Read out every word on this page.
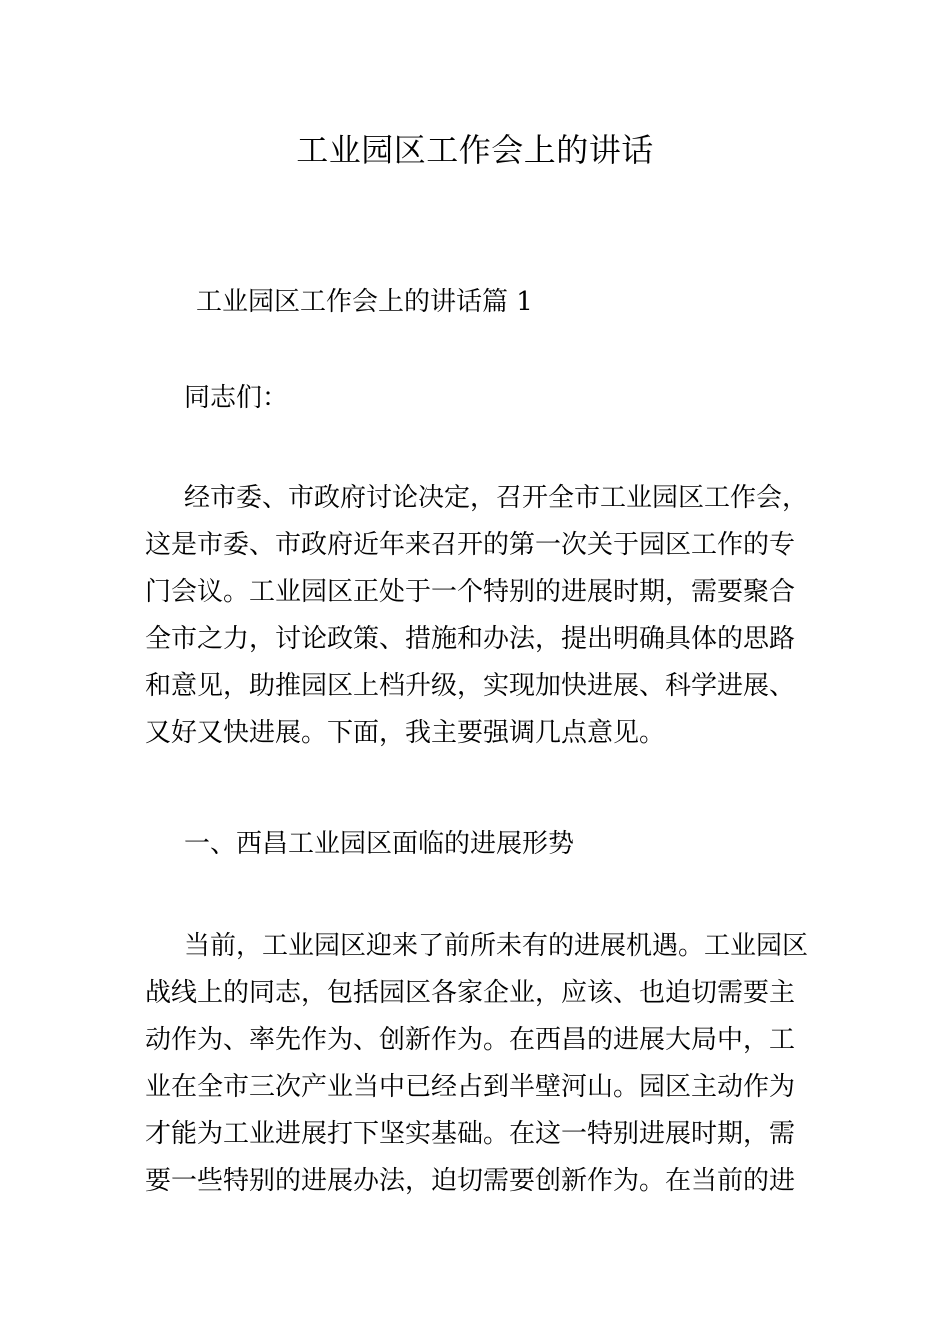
工业园区工作会上的讲话
工业园区工作会上的讲话篇 1
同志们：
经市委、市政府讨论决定，召开全市工业园区工作会，
这是市委、市政府近年来召开的第一次关于园区工作的专
门会议。工业园区正处于一个特别的进展时期，需要聚合
全市之力，讨论政策、措施和办法，提出明确具体的思路
和意见，助推园区上档升级，实现加快进展、科学进展、
又好又快进展。下面，我主要强调几点意见。
一、西昌工业园区面临的进展形势
当前，工业园区迎来了前所未有的进展机遇。工业园区
战线上的同志，包括园区各家企业，应该、也迫切需要主
动作为、率先作为、创新作为。在西昌的进展大局中，工
业在全市三次产业当中已经占到半壁河山。园区主动作为
才能为工业进展打下坚实基础。在这一特别进展时期，需
要一些特别的进展办法，迫切需要创新作为。在当前的进
